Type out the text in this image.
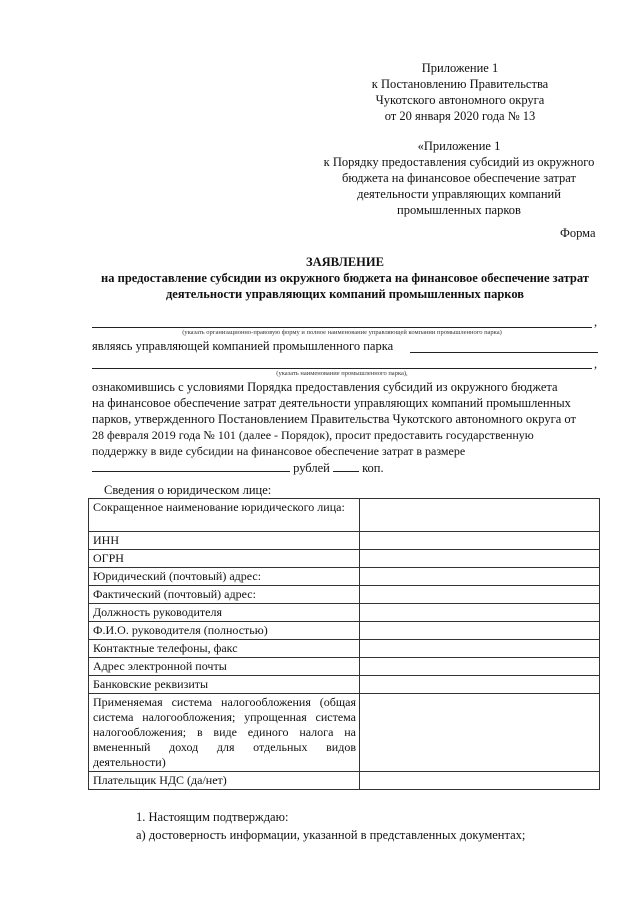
Приложение 1
к Постановлению Правительства
Чукотского автономного округа
от 20 января 2020 года № 13
«Приложение 1
к Порядку предоставления субсидий из окружного
бюджета на финансовое обеспечение затрат
деятельности управляющих компаний
промышленных парков
Форма
ЗАЯВЛЕНИЕ
на предоставление субсидии из окружного бюджета на финансовое обеспечение затрат
деятельности управляющих компаний промышленных парков
,
(указать организационно-правовую форму и полное наименование управляющей компании промышленного парка)
являясь управляющей компанией промышленного парка
,
(указать наименование промышленного парка),
ознакомившись с условиями Порядка предоставления субсидий из окружного бюджета
на финансовое обеспечение затрат деятельности управляющих компаний промышленных
парков, утвержденного Постановлением Правительства Чукотского автономного округа от
28 февраля 2019 года № 101 (далее - Порядок), просит предоставить государственную
поддержку в виде субсидии на финансовое обеспечение затрат в размере
рублей	коп.
Сведения о юридическом лице:
Сокращенное наименование юридического лица:	
ИНН	
ОГРН	
Юридический (почтовый) адрес:	
Фактический (почтовый) адрес:	
Должность руководителя	
Ф.И.О. руководителя (полностью)	
Контактные телефоны, факс	
Адрес электронной почты	
Банковские реквизиты	
Применяемая система налогообложения (общая система налогообложения; упрощенная система налогообложения; в виде единого налога на вмененный доход для отдельных видов деятельности)	
Плательщик НДС (да/нет)	
1. Настоящим подтверждаю:
а) достоверность информации, указанной в представленных документах;
